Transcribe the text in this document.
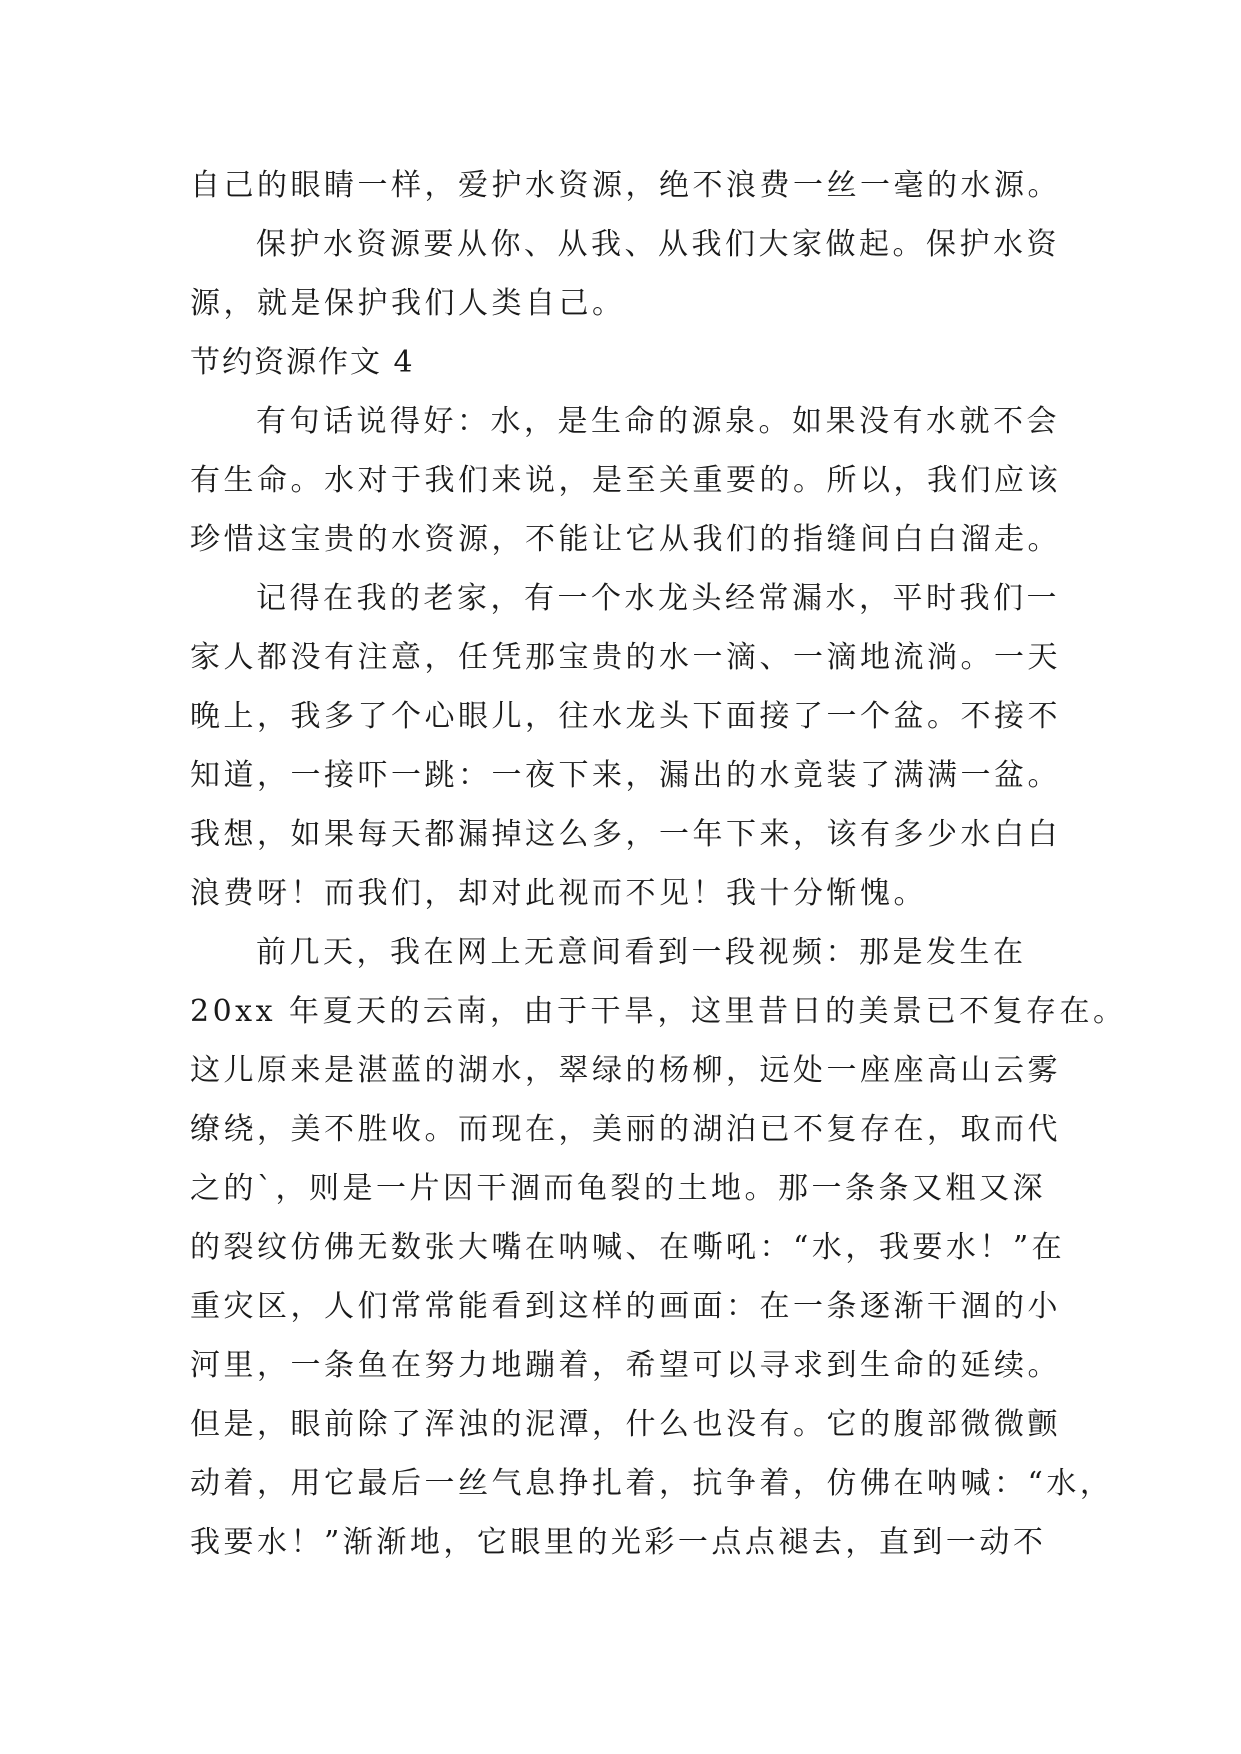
自己的眼睛一样，爱护水资源，绝不浪费一丝一毫的水源。
保护水资源要从你、从我、从我们大家做起。保护水资
源，就是保护我们人类自己。
节约资源作文 4
有句话说得好：水，是生命的源泉。如果没有水就不会
有生命。水对于我们来说，是至关重要的。所以，我们应该
珍惜这宝贵的水资源，不能让它从我们的指缝间白白溜走。
记得在我的老家，有一个水龙头经常漏水，平时我们一
家人都没有注意，任凭那宝贵的水一滴、一滴地流淌。一天
晚上，我多了个心眼儿，往水龙头下面接了一个盆。不接不
知道，一接吓一跳：一夜下来，漏出的水竟装了满满一盆。
我想，如果每天都漏掉这么多，一年下来，该有多少水白白
浪费呀！而我们，却对此视而不见！我十分惭愧。
前几天，我在网上无意间看到一段视频：那是发生在
20xx 年夏天的云南，由于干旱，这里昔日的美景已不复存在。
这儿原来是湛蓝的湖水，翠绿的杨柳，远处一座座高山云雾
缭绕，美不胜收。而现在，美丽的湖泊已不复存在，取而代
之的`，则是一片因干涸而龟裂的土地。那一条条又粗又深
的裂纹仿佛无数张大嘴在呐喊、在嘶吼：“水，我要水！”在
重灾区，人们常常能看到这样的画面：在一条逐渐干涸的小
河里，一条鱼在努力地蹦着，希望可以寻求到生命的延续。
但是，眼前除了浑浊的泥潭，什么也没有。它的腹部微微颤
动着，用它最后一丝气息挣扎着，抗争着，仿佛在呐喊：“水，
我要水！”渐渐地，它眼里的光彩一点点褪去，直到一动不
